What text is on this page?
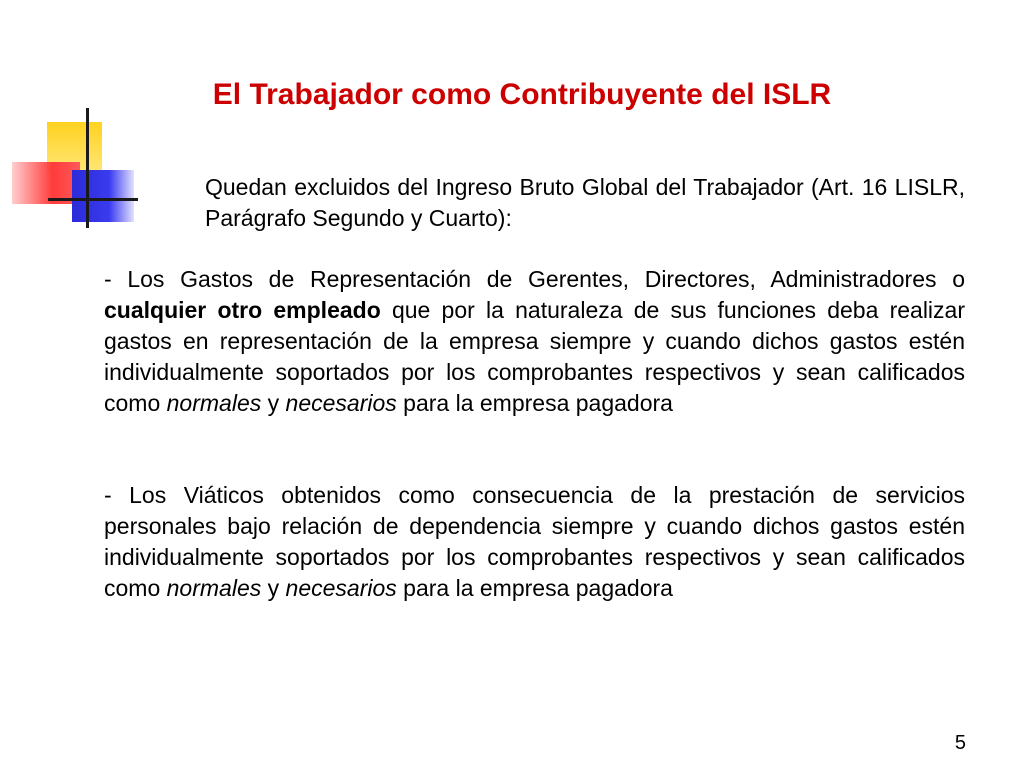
El Trabajador como Contribuyente del ISLR
Quedan excluidos del Ingreso Bruto Global del Trabajador (Art. 16 LISLR, Parágrafo Segundo y Cuarto):
- Los Gastos de Representación de Gerentes, Directores, Administradores o cualquier otro empleado que por la naturaleza de sus funciones deba realizar gastos en representación de la empresa siempre y cuando dichos gastos estén individualmente soportados por los comprobantes respectivos y sean calificados como normales y necesarios para la empresa pagadora
- Los Viáticos obtenidos como consecuencia de la prestación de servicios personales bajo relación de dependencia siempre y cuando dichos gastos estén individualmente soportados por los comprobantes respectivos y sean calificados como normales y necesarios para la empresa pagadora
5
